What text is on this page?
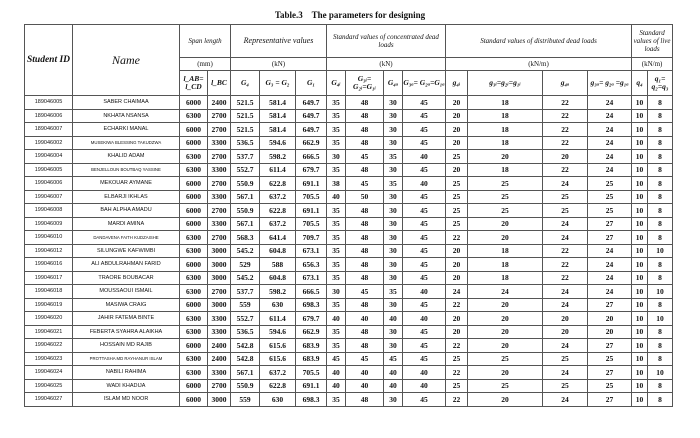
Table.3 The parameters for designing
Student ID	Name	Span length		Representative values			Standard values of concentrated dead loads				Standard values of distributed dead loads				Standard values of live loads	
		(mm)		(kN)			(kN)				(kN/m)				(kN/m)	
		l_AB= l_CD	l_BC	G₄	G₃ = G₂	G₁	G₄ᵢ	G₃ᵢ= G₂ᵢ=G₁ᵢ	G₄ₐ	G₃ₐ= G₂ₐ=G₁ₐ	g₄ᵢ	g₃ᵢ=g₂ᵢ=g₁ᵢ	g₄ₐ	g₃ₐ= g₂ₐ =g₁ₐ	q₄	q₁= q₂=q₃
189046005	SABER CHAIMAA	6000	2400	521.5	581.4	649.7	35	48	30	45	20	18	22	24	10	8
189046006	NKHATA NSANSA	6300	2700	521.5	581.4	649.7	35	48	30	45	20	18	22	24	10	8
189046007	ECHARKI MANAL	6000	2700	521.5	581.4	649.7	35	48	30	45	20	18	22	24	10	8
199046002	MUSEKIWA BLESSING TAKUDZWA	6000	3300	536.5	594.6	662.9	35	48	30	45	20	18	22	24	10	8
199046004	KHALID ADAM	6300	2700	537.7	598.2	666.5	30	45	35	40	25	20	20	24	10	8
199046005	BENJELLOUN BOUTBAQ YASSINE	6300	3300	552.7	611.4	679.7	35	48	30	45	20	18	22	24	10	8
199046006	MEKOUAR AYMANE	6000	2700	550.9	622.8	691.1	38	45	35	40	25	25	24	25	10	8
199046007	ELBARJI IKHLAS	6000	3300	567.1	637.2	705.5	40	50	30	45	25	25	25	25	10	8
199046008	BAH ALPHA AMADU	6000	2700	550.9	622.8	691.1	35	48	30	45	25	25	25	25	10	8
199046009	MARDI AMINA	6000	3300	567.1	637.2	705.5	35	48	30	45	25	20	24	27	10	8
199046010	DANDAVENA FAITH KUDZAISHE	6300	2700	568.3	641.4	709.7	35	48	30	45	22	20	24	27	10	8
199046012	SILUNGWE KAFWIMBI	6300	3000	545.2	604.8	673.1	35	48	30	45	20	18	22	24	10	10
199046016	ALI ABDULRAHMAN FARID	6000	3000	529	588	656.3	35	48	30	45	20	18	22	24	10	8
199046017	TRAORE BOUBACAR	6300	3000	545.2	604.8	673.1	35	48	30	45	20	18	22	24	10	8
199046018	MOUSSAOUI ISMAIL	6300	2700	537.7	598.2	666.5	30	45	35	40	24	24	24	24	10	10
199046019	MASIWA CRAIG	6000	3000	559	630	698.3	35	48	30	45	22	20	24	27	10	8
199046020	JAHIR FATEMA BINTE	6300	3300	552.7	611.4	679.7	40	40	40	40	20	20	20	20	10	10
199046021	FEBERTA SYAHRA ALAIKHA	6300	3300	536.5	594.6	662.9	35	48	30	45	20	20	20	20	10	8
199046022	HOSSAIN MD RAJIB	6000	2400	542.8	615.6	683.9	35	48	30	45	22	20	24	27	10	8
199046023	PROTTASHA MD RAYHANUR ISLAM	6300	2400	542.8	615.6	683.9	45	45	45	45	25	25	25	25	10	8
199046024	NABILI RAHIMA	6300	3300	567.1	637.2	705.5	40	40	40	40	22	20	24	27	10	10
199046025	WADI KHADIJA	6000	2700	550.9	622.8	691.1	40	40	40	40	25	25	25	25	10	8
199046027	ISLAM MD NOOR	6000	3000	559	630	698.3	35	48	30	45	22	20	24	27	10	8
